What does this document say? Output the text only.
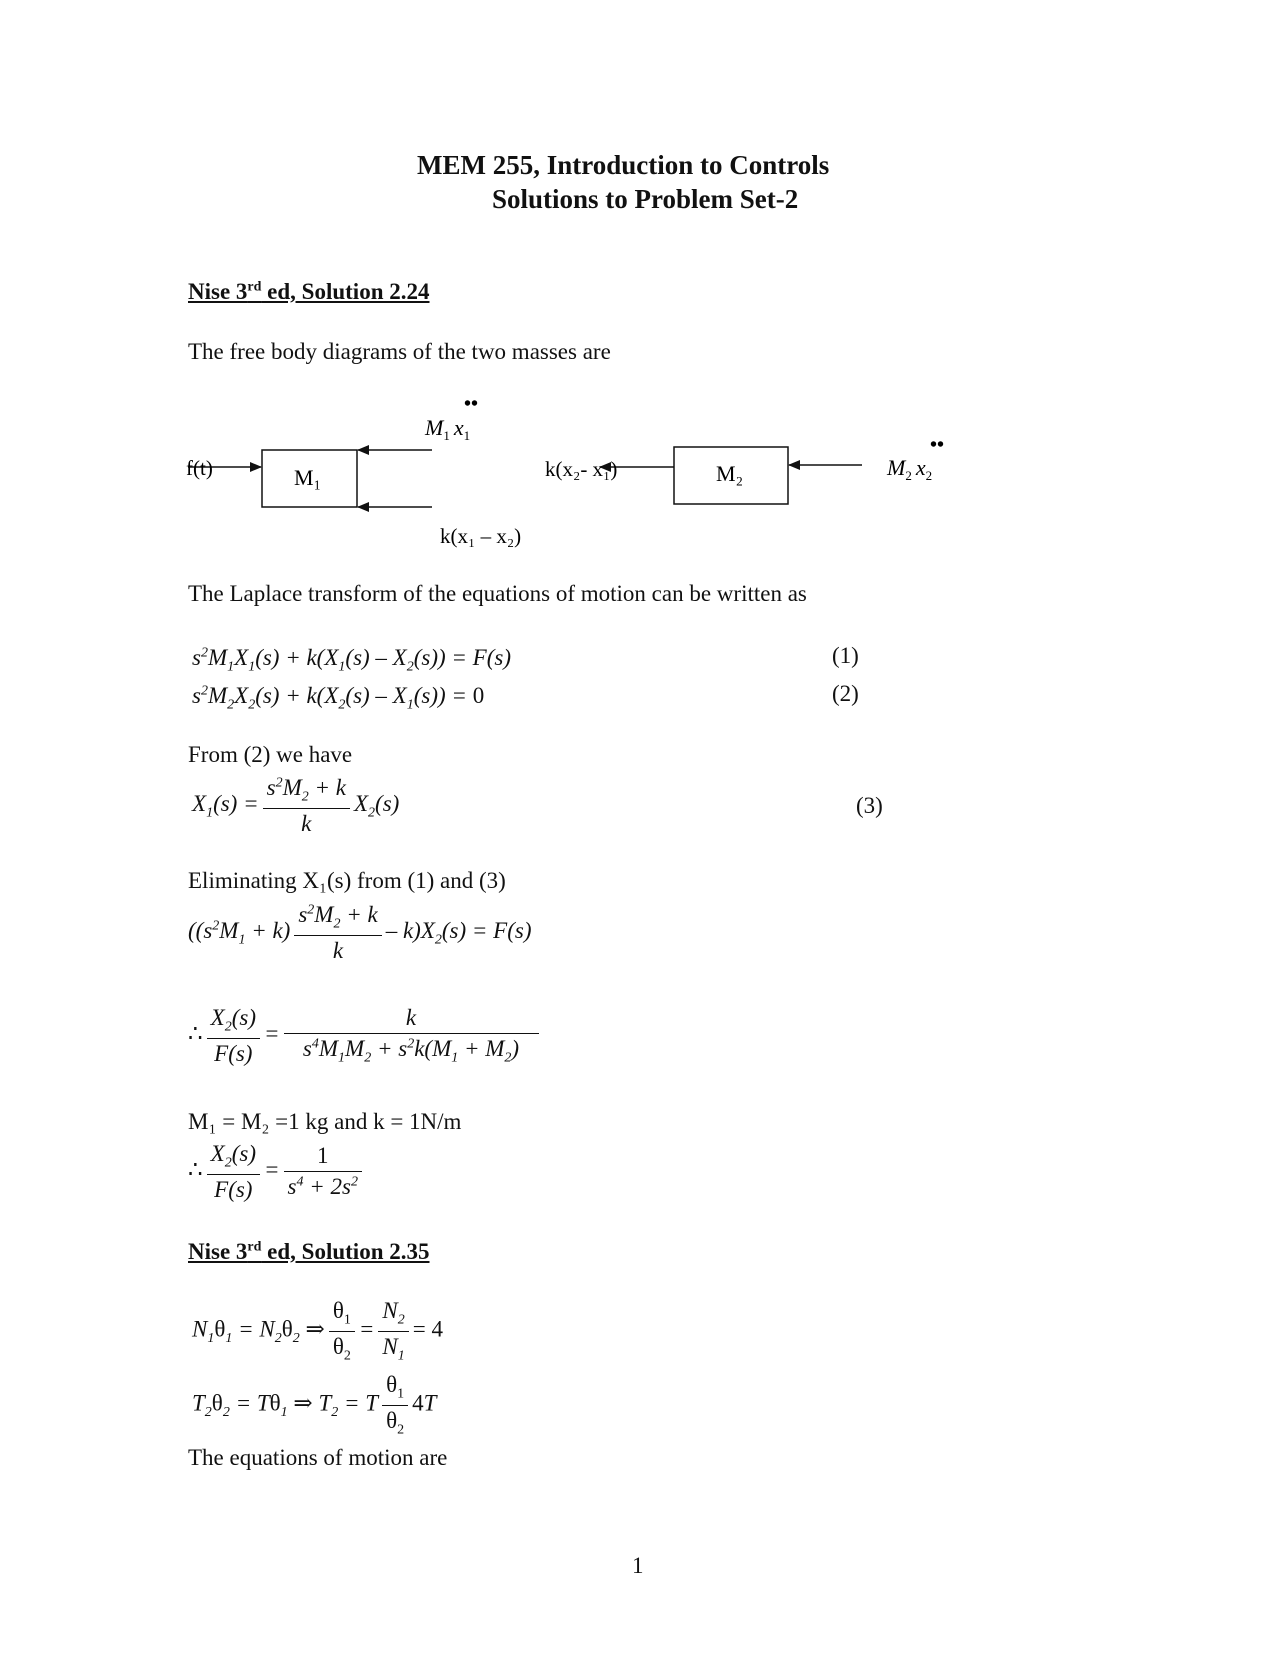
MEM 255, Introduction to Controls
Solutions to Problem Set-2
Nise 3rd ed, Solution 2.24
The free body diagrams of the two masses are
M₁
f(t)
$M_1$ $x_1$
••
k(x₁ – x₂)
M₂
k(x₂- x₁)	$M_2$ $x_2$
••
The Laplace transform of the equations of motion can be written as
$s^2M_1X_1(s) + k(X_1(s) - X_2(s)) = F(s)$	(1)
$s^2M_2X_2(s) + k(X_2(s) - X_1(s)) = 0$	(2)
From (2) we have
$X_1(s) = \frac{s^2M_2 + k}{k} X_2(s)$	(3)
Eliminating X₁(s) from (1) and (3)
$((s^2M_1 + k) \frac{s^2M_2 + k}{k} - k)X_2(s) = F(s)$
∴ $\frac{X_2(s)}{F(s)} = \frac{k}{s^4M_1M_2 + s^2k(M_1 + M_2)}$
M₁ = M₂ =1 kg and k = 1N/m
∴ $\frac{X_2(s)}{F(s)} = \frac{1}{s^4 + 2s^2}$
Nise 3rd ed, Solution 2.35
$N_1\theta_1 = N_2\theta_2$ ⇒ $\frac{\theta_1}{\theta_2} = \frac{N_2}{N_1} = 4$
$T_2\theta_2 = T\theta_1$ ⇒ $T_2 = T \frac{\theta_1}{\theta_2} 4T$
The equations of motion are
1
